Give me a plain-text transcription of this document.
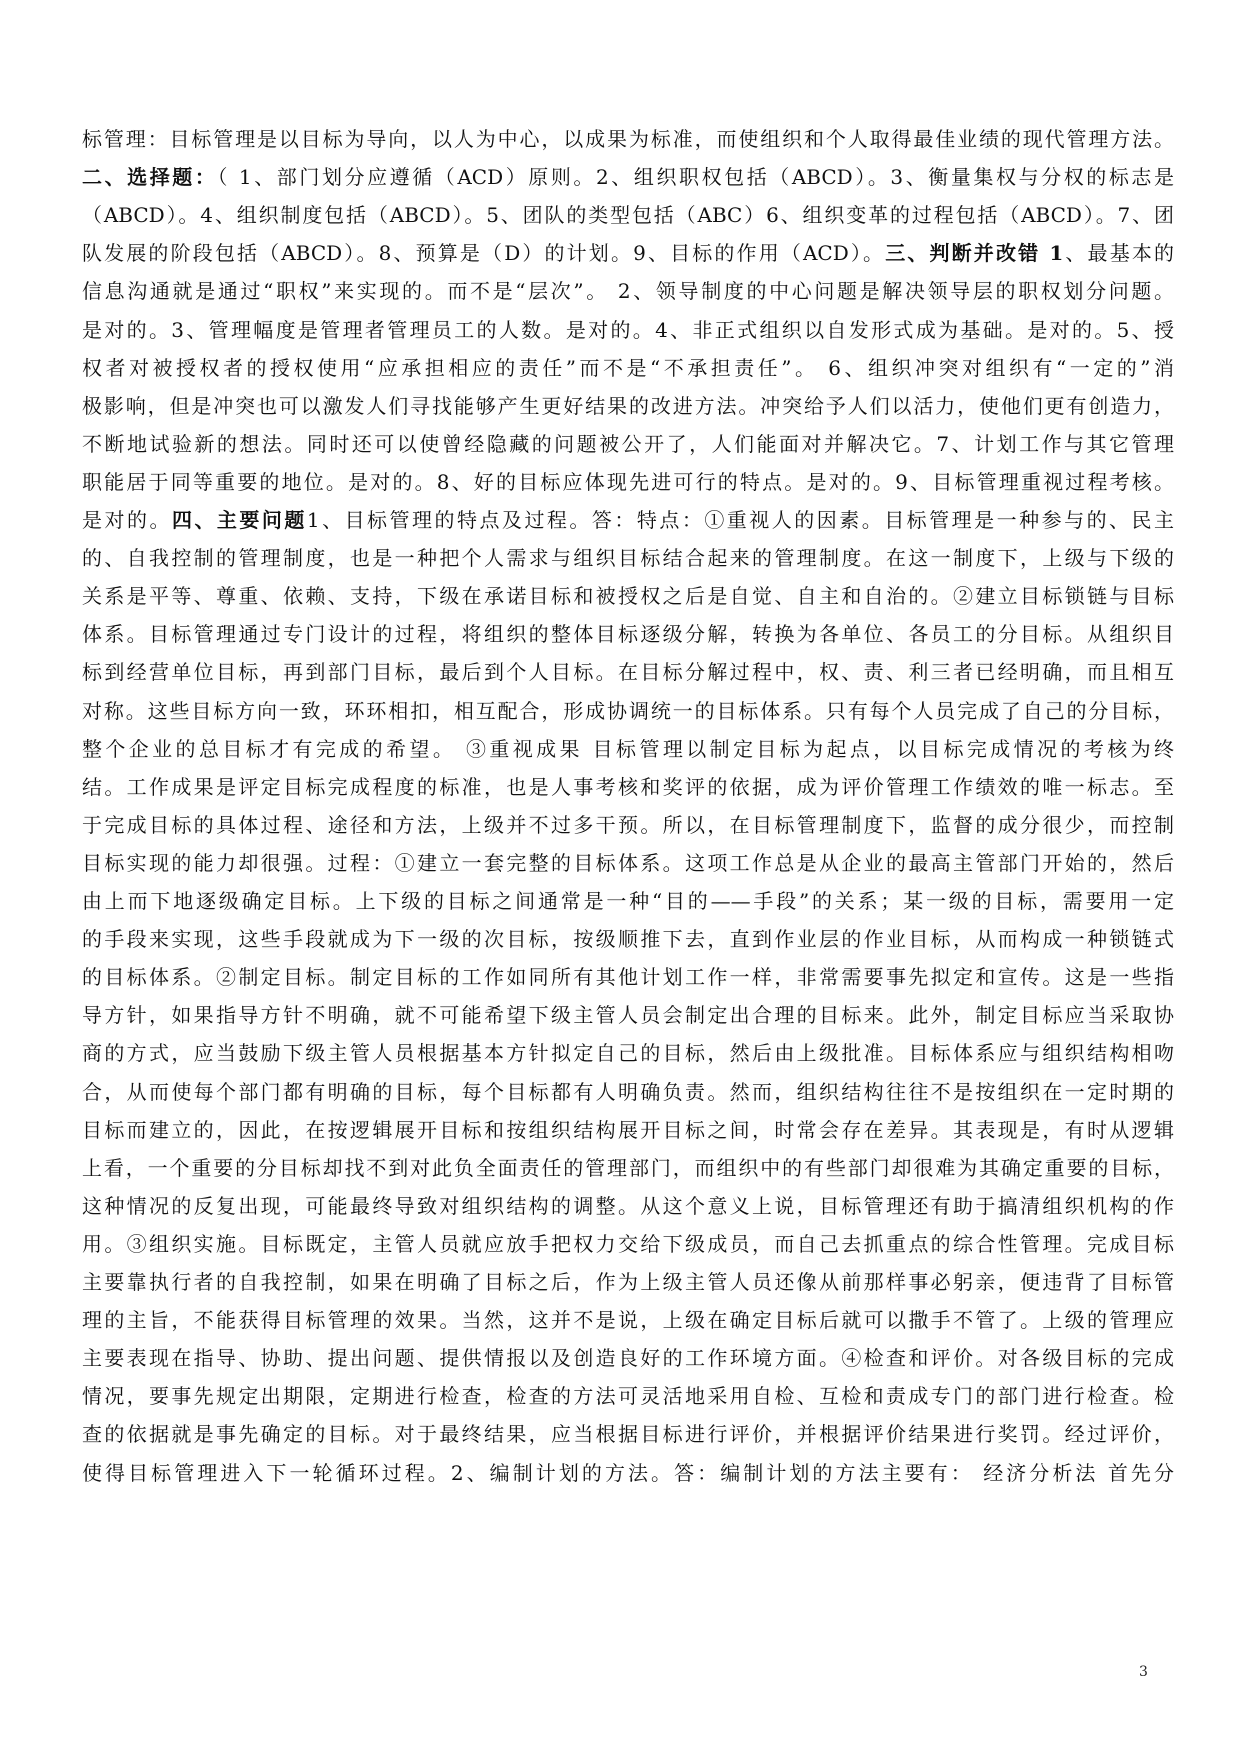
标管理：目标管理是以目标为导向，以人为中心，以成果为标准，而使组织和个人取得最佳业绩的现代管理方法。
二、选择题：（ 1、部门划分应遵循（ACD）原则。2、组织职权包括（ABCD）。3、衡量集权与分权的标志是
（ABCD）。4、组织制度包括（ABCD）。5、团队的类型包括（ABC）6、组织变革的过程包括（ABCD）。7、团
队发展的阶段包括（ABCD）。8、预算是（D）的计划。9、目标的作用（ACD）。三、判断并改错 1、最基本的
信息沟通就是通过“职权”来实现的。而不是“层次”。 2、领导制度的中心问题是解决领导层的职权划分问题。
是对的。3、管理幅度是管理者管理员工的人数。是对的。4、非正式组织以自发形式成为基础。是对的。5、授
权者对被授权者的授权使用“应承担相应的责任”而不是“不承担责任”。 6、组织冲突对组织有“一定的”消
极影响，但是冲突也可以激发人们寻找能够产生更好结果的改进方法。冲突给予人们以活力，使他们更有创造力，
不断地试验新的想法。同时还可以使曾经隐藏的问题被公开了，人们能面对并解决它。7、计划工作与其它管理
职能居于同等重要的地位。是对的。8、好的目标应体现先进可行的特点。是对的。9、目标管理重视过程考核。
是对的。四、主要问题1、目标管理的特点及过程。答：特点：①重视人的因素。目标管理是一种参与的、民主
的、自我控制的管理制度，也是一种把个人需求与组织目标结合起来的管理制度。在这一制度下，上级与下级的
关系是平等、尊重、依赖、支持，下级在承诺目标和被授权之后是自觉、自主和自治的。②建立目标锁链与目标
体系。目标管理通过专门设计的过程，将组织的整体目标逐级分解，转换为各单位、各员工的分目标。从组织目
标到经营单位目标，再到部门目标，最后到个人目标。在目标分解过程中，权、责、利三者已经明确，而且相互
对称。这些目标方向一致，环环相扣，相互配合，形成协调统一的目标体系。只有每个人员完成了自己的分目标，
整个企业的总目标才有完成的希望。 ③重视成果 目标管理以制定目标为起点，以目标完成情况的考核为终
结。工作成果是评定目标完成程度的标准，也是人事考核和奖评的依据，成为评价管理工作绩效的唯一标志。至
于完成目标的具体过程、途径和方法，上级并不过多干预。所以，在目标管理制度下，监督的成分很少，而控制
目标实现的能力却很强。过程：①建立一套完整的目标体系。这项工作总是从企业的最高主管部门开始的，然后
由上而下地逐级确定目标。上下级的目标之间通常是一种“目的——手段”的关系；某一级的目标，需要用一定
的手段来实现，这些手段就成为下一级的次目标，按级顺推下去，直到作业层的作业目标，从而构成一种锁链式
的目标体系。②制定目标。制定目标的工作如同所有其他计划工作一样，非常需要事先拟定和宣传。这是一些指
导方针，如果指导方针不明确，就不可能希望下级主管人员会制定出合理的目标来。此外，制定目标应当采取协
商的方式，应当鼓励下级主管人员根据基本方针拟定自己的目标，然后由上级批准。目标体系应与组织结构相吻
合，从而使每个部门都有明确的目标，每个目标都有人明确负责。然而，组织结构往往不是按组织在一定时期的
目标而建立的，因此，在按逻辑展开目标和按组织结构展开目标之间，时常会存在差异。其表现是，有时从逻辑
上看，一个重要的分目标却找不到对此负全面责任的管理部门，而组织中的有些部门却很难为其确定重要的目标，
这种情况的反复出现，可能最终导致对组织结构的调整。从这个意义上说，目标管理还有助于搞清组织机构的作
用。③组织实施。目标既定，主管人员就应放手把权力交给下级成员，而自己去抓重点的综合性管理。完成目标
主要靠执行者的自我控制，如果在明确了目标之后，作为上级主管人员还像从前那样事必躬亲，便违背了目标管
理的主旨，不能获得目标管理的效果。当然，这并不是说，上级在确定目标后就可以撒手不管了。上级的管理应
主要表现在指导、协助、提出问题、提供情报以及创造良好的工作环境方面。④检查和评价。对各级目标的完成
情况，要事先规定出期限，定期进行检查，检查的方法可灵活地采用自检、互检和责成专门的部门进行检查。检
查的依据就是事先确定的目标。对于最终结果，应当根据目标进行评价，并根据评价结果进行奖罚。经过评价，
使得目标管理进入下一轮循环过程。2、编制计划的方法。答：编制计划的方法主要有： 经济分析法 首先分
3
